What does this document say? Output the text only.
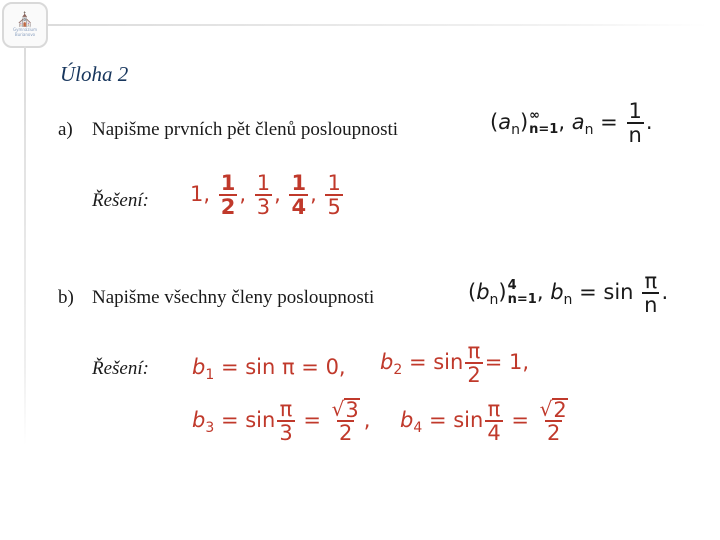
⛪
Gymnázium Burianovo
Úloha 2
a) Napišme prvních pět členů posloupnosti	$(a_n)$ ∞
n=1 , $a_n = \frac{1}{n}$ .
Řešení: 1, $\frac{1}{2}$ , $\frac{1}{3}$ , $\frac{1}{4}$ , $\frac{1}{5}$
b) Napišme všechny členy posloupnosti	$(b_n)$ 4
n=1 , $b_n = \sin \frac{\pi}{n}$ .
Řešení: $b_1 = \sin \pi = 0$, $b_2 = \sin \frac{\pi}{2} = 1$,
$b_3 = \sin \frac{\pi}{3} = \frac{√ 3}{2}$ , $b_4 = \sin \frac{\pi}{4} = \frac{√ 2}{2}$
